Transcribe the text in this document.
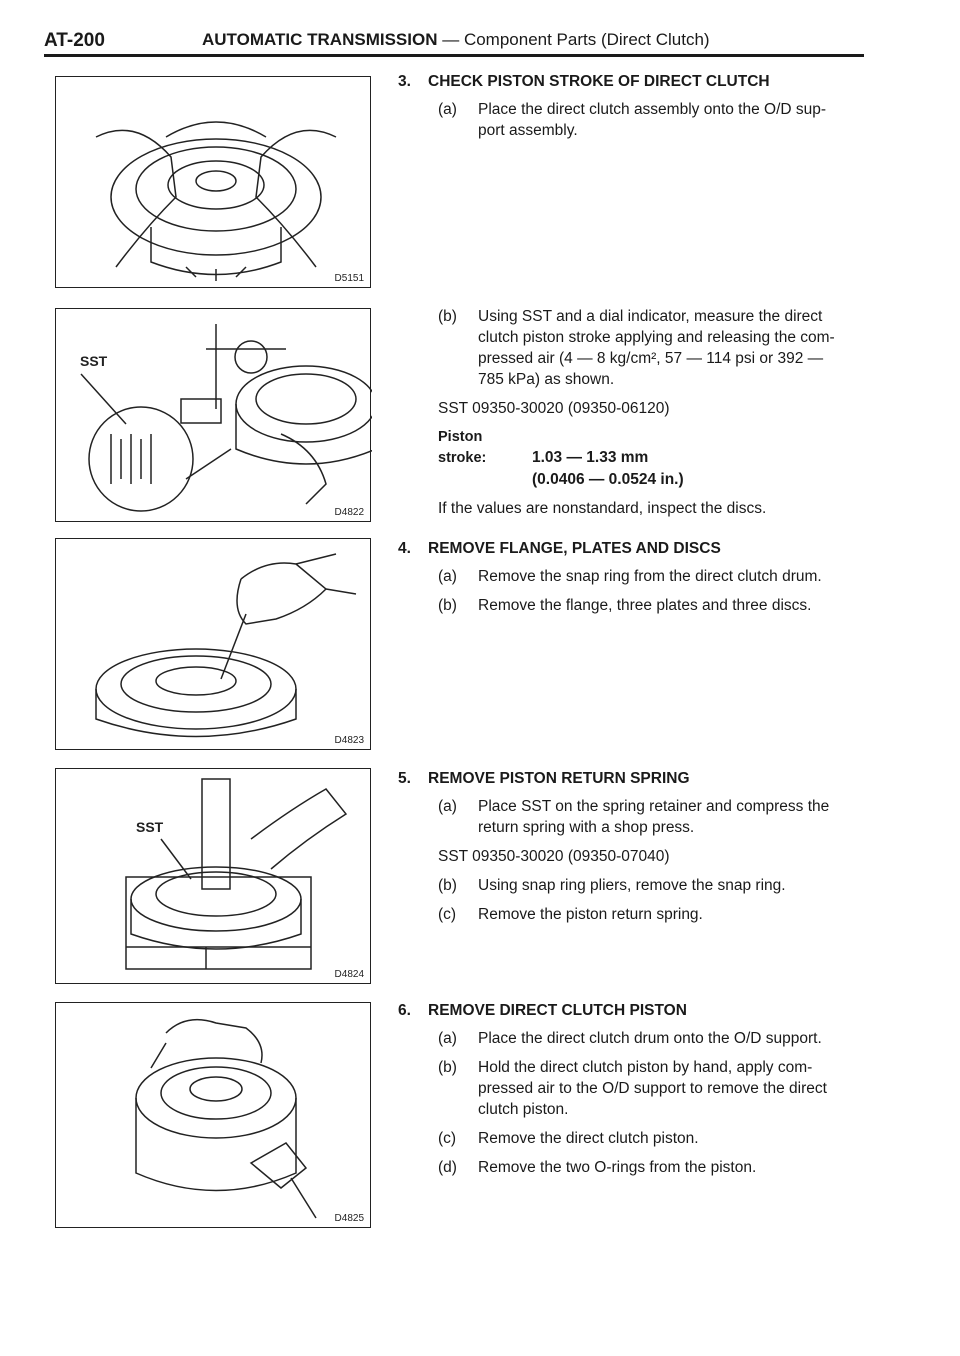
AT-200	AUTOMATIC TRANSMISSION — Component Parts (Direct Clutch)
D5151
SST
D4822
D4823
SST
D4824
D4825
3. CHECK PISTON STROKE OF DIRECT CLUTCH
(a) Place the direct clutch assembly onto the O/D sup-
port assembly.
(b) Using SST and a dial indicator, measure the direct
clutch piston stroke applying and releasing the com-
pressed air (4 — 8 kg/cm², 57 — 114 psi or 392 —
785 kPa) as shown.
SST 09350-30020 (09350-06120)
Piston stroke:	1.03 — 1.33 mm
(0.0406 — 0.0524 in.)
If the values are nonstandard, inspect the discs.
4. REMOVE FLANGE, PLATES AND DISCS
(a) Remove the snap ring from the direct clutch drum.
(b) Remove the flange, three plates and three discs.
5. REMOVE PISTON RETURN SPRING
(a) Place SST on the spring retainer and compress the
return spring with a shop press.
SST 09350-30020 (09350-07040)
(b) Using snap ring pliers, remove the snap ring.
(c) Remove the piston return spring.
6. REMOVE DIRECT CLUTCH PISTON
(a) Place the direct clutch drum onto the O/D support.
(b) Hold the direct clutch piston by hand, apply com-
pressed air to the O/D support to remove the direct
clutch piston.
(c) Remove the direct clutch piston.
(d) Remove the two O-rings from the piston.
